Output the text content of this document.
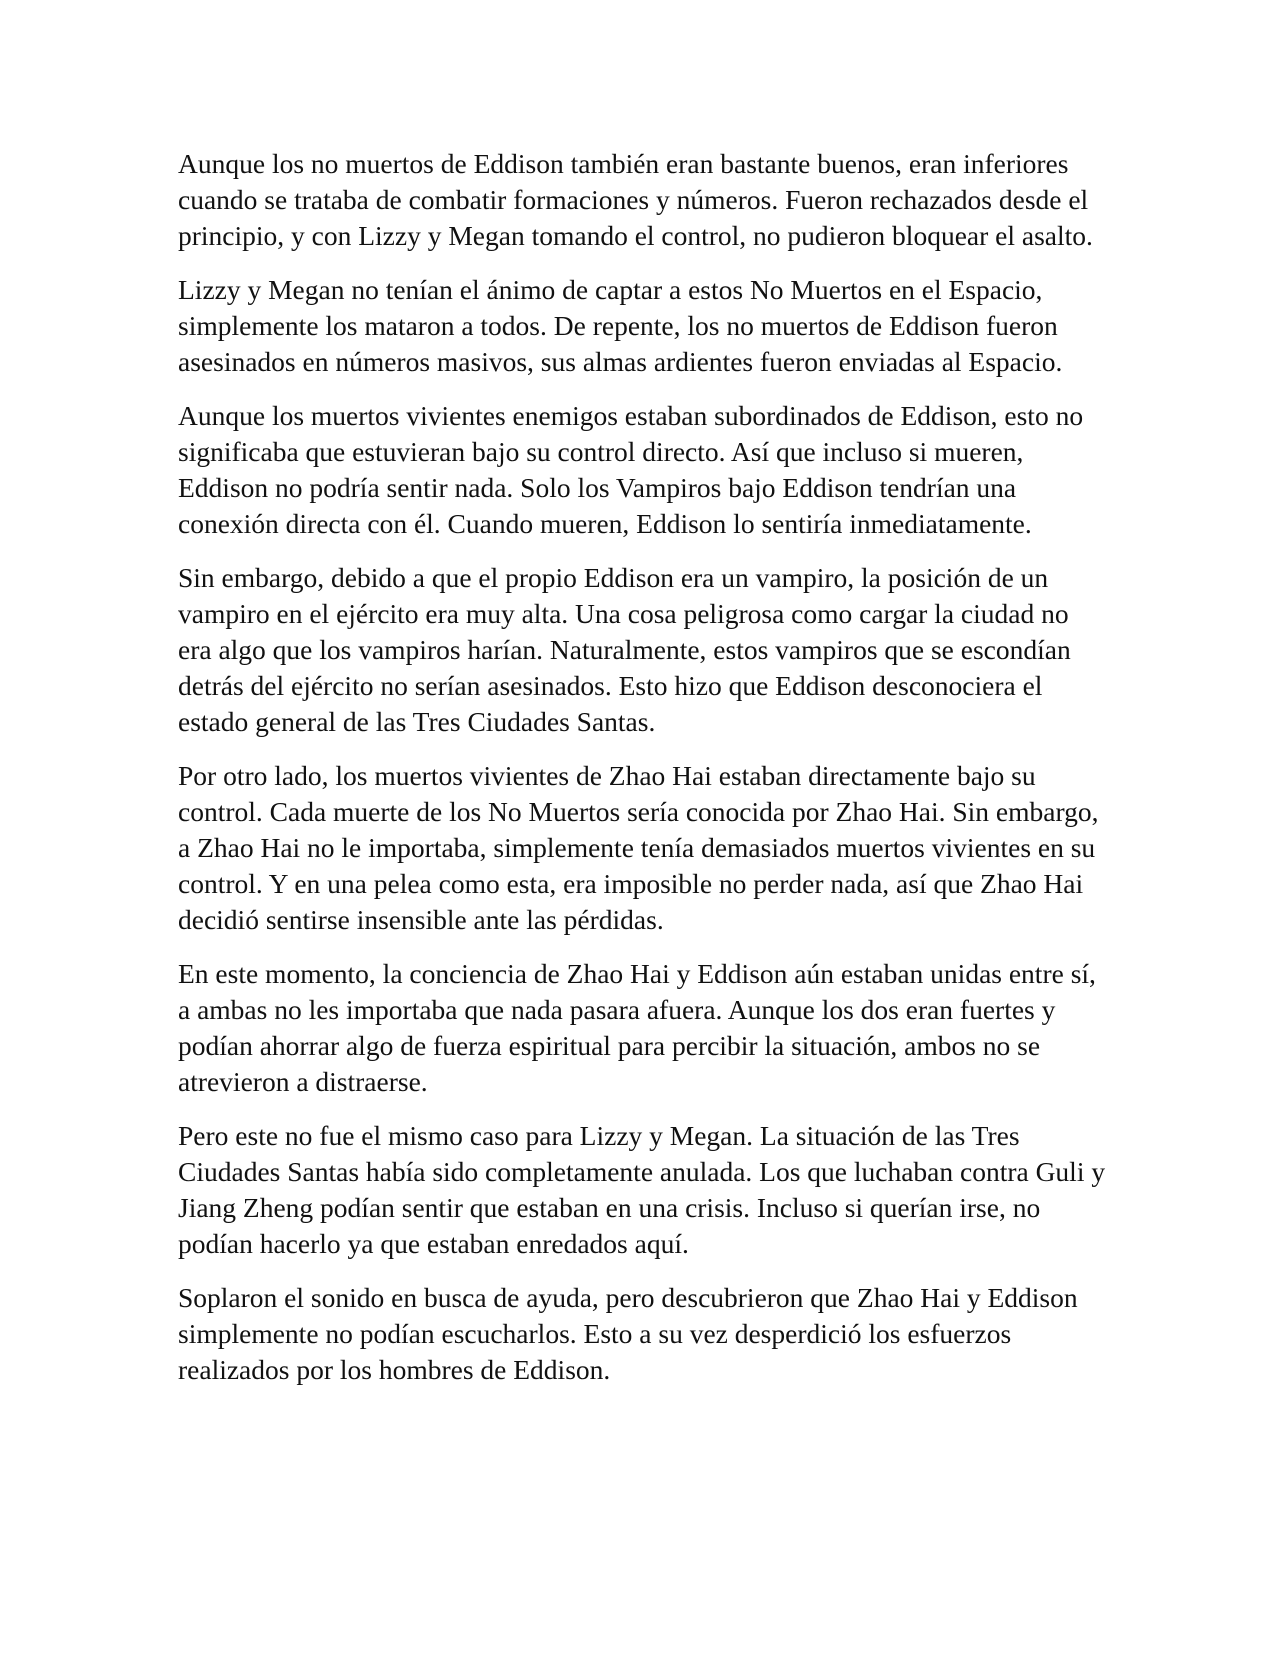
Aunque los no muertos de Eddison también eran bastante buenos, eran inferiores cuando se trataba de combatir formaciones y números. Fueron rechazados desde el principio, y con Lizzy y Megan tomando el control, no pudieron bloquear el asalto.

Lizzy y Megan no tenían el ánimo de captar a estos No Muertos en el Espacio, simplemente los mataron a todos. De repente, los no muertos de Eddison fueron asesinados en números masivos, sus almas ardientes fueron enviadas al Espacio.

Aunque los muertos vivientes enemigos estaban subordinados de Eddison, esto no significaba que estuvieran bajo su control directo. Así que incluso si mueren, Eddison no podría sentir nada. Solo los Vampiros bajo Eddison tendrían una conexión directa con él. Cuando mueren, Eddison lo sentiría inmediatamente.

Sin embargo, debido a que el propio Eddison era un vampiro, la posición de un vampiro en el ejército era muy alta. Una cosa peligrosa como cargar la ciudad no era algo que los vampiros harían. Naturalmente, estos vampiros que se escondían detrás del ejército no serían asesinados. Esto hizo que Eddison desconociera el estado general de las Tres Ciudades Santas.

Por otro lado, los muertos vivientes de Zhao Hai estaban directamente bajo su control. Cada muerte de los No Muertos sería conocida por Zhao Hai. Sin embargo, a Zhao Hai no le importaba, simplemente tenía demasiados muertos vivientes en su control. Y en una pelea como esta, era imposible no perder nada, así que Zhao Hai decidió sentirse insensible ante las pérdidas.

En este momento, la conciencia de Zhao Hai y Eddison aún estaban unidas entre sí, a ambas no les importaba que nada pasara afuera. Aunque los dos eran fuertes y podían ahorrar algo de fuerza espiritual para percibir la situación, ambos no se atrevieron a distraerse.

Pero este no fue el mismo caso para Lizzy y Megan. La situación de las Tres Ciudades Santas había sido completamente anulada. Los que luchaban contra Guli y Jiang Zheng podían sentir que estaban en una crisis. Incluso si querían irse, no podían hacerlo ya que estaban enredados aquí.

Soplaron el sonido en busca de ayuda, pero descubrieron que Zhao Hai y Eddison simplemente no podían escucharlos. Esto a su vez desperdició los esfuerzos realizados por los hombres de Eddison.
